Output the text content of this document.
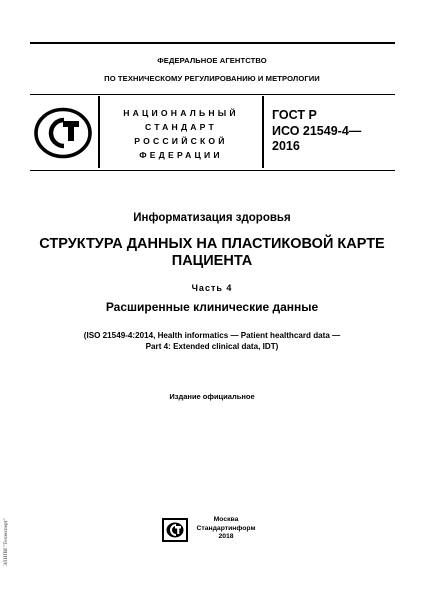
ФЕДЕРАЛЬНОЕ АГЕНТСТВО
ПО ТЕХНИЧЕСКОМУ РЕГУЛИРОВАНИЮ И МЕТРОЛОГИИ
НАЦИОНАЛЬНЫЙ
СТАНДАРТ
РОССИЙСКОЙ
ФЕДЕРАЦИИ
ГОСТ Р
ИСО 21549-4—
2016
Информатизация здоровья
СТРУКТУРА ДАННЫХ НА ПЛАСТИКОВОЙ КАРТЕ
ПАЦИЕНТА
Часть 4
Расширенные клинические данные
(ISO 21549-4:2014, Health informatics — Patient healthcard data —
Part 4: Extended clinical data, IDT)
Издание официальное
Москва
Стандартинформ
2018
ЭЛНПИ "Техэксперт"
